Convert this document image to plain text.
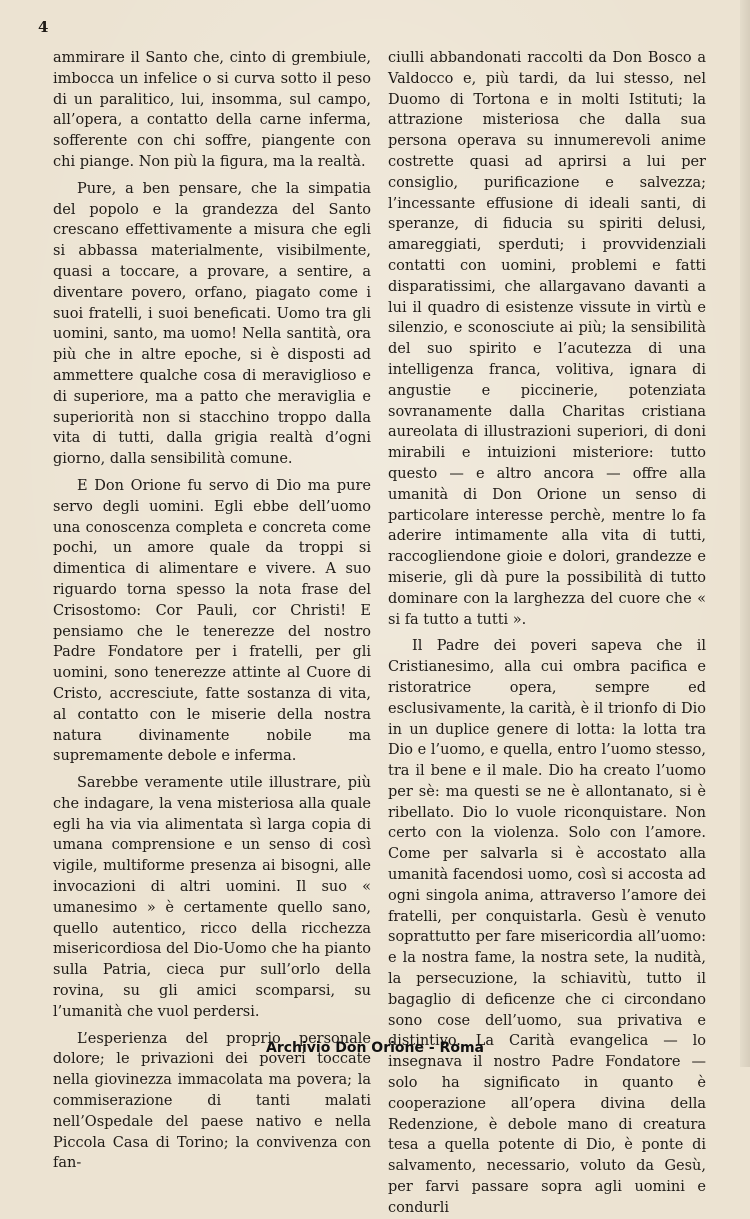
4

ammirare il Santo che, cinto di grembiule, imbocca un infelice o si curva sotto il peso di un paralitico, lui, insomma, sul campo, all’opera, a contatto della carne inferma, sofferente con chi soffre, piangente con chi piange. Non più la figura, ma la realtà.

Pure, a ben pensare, che la simpatia del popolo e la grandezza del Santo crescano effettivamente a misura che egli si abbassa materialmente, visibilmente, quasi a toccare, a provare, a sentire, a diventare povero, orfano, piagato come i suoi fratelli, i suoi beneficati. Uomo tra gli uomini, santo, ma uomo! Nella santità, ora più che in altre epoche, si è disposti ad ammettere qualche cosa di meraviglioso e di superiore, ma a patto che meraviglia e superiorità non si stacchino troppo dalla vita di tutti, dalla grigia realtà d’ogni giorno, dalla sensibilità comune.

E Don Orione fu servo di Dio ma pure servo degli uomini. Egli ebbe dell’uomo una conoscenza completa e concreta come pochi, un amore quale da troppi si dimentica di alimentare e vivere. A suo riguardo torna spesso la nota frase del Crisostomo: Cor Pauli, cor Christi! E pensiamo che le tenerezze del nostro Padre Fondatore per i fratelli, per gli uomini, sono tenerezze attinte al Cuore di Cristo, accresciute, fatte sostanza di vita, al contatto con le miserie della nostra natura divinamente nobile ma supremamente debole e inferma.

Sarebbe veramente utile illustrare, più che indagare, la vena misteriosa alla quale egli ha via via alimentata sì larga copia di umana comprensione e un senso di così vigile, multiforme presenza ai bisogni, alle invocazioni di altri uomini. Il suo « umanesimo » è certamente quello sano, quello autentico, ricco della ricchezza misericordiosa del Dio-Uomo che ha pianto sulla Patria, cieca pur sull’orlo della rovina, su gli amici scomparsi, su l’umanità che vuol perdersi.

L’esperienza del proprio personale dolore; le privazioni dei poveri toccate nella giovinezza immacolata ma povera; la commiserazione di tanti malati nell’Ospedale del paese nativo e nella Piccola Casa di Torino; la convivenza con fan-

ciulli abbandonati raccolti da Don Bosco a Valdocco e, più tardi, da lui stesso, nel Duomo di Tortona e in molti Istituti; la attrazione misteriosa che dalla sua persona operava su innumerevoli anime costrette quasi ad aprirsi a lui per consiglio, purificazione e salvezza; l’incessante effusione di ideali santi, di speranze, di fiducia su spiriti delusi, amareggiati, sperduti; i provvidenziali contatti con uomini, problemi e fatti disparatissimi, che allargavano davanti a lui il quadro di esistenze vissute in virtù e silenzio, e sconosciute ai più; la sensibilità del suo spirito e l’acutezza di una intelligenza franca, volitiva, ignara di angustie e piccinerie, potenziata sovranamente dalla Charitas cristiana aureolata di illustrazioni superiori, di doni mirabili e intuizioni misteriore: tutto questo — e altro ancora — offre alla umanità di Don Orione un senso di particolare interesse perchè, mentre lo fa aderire intimamente alla vita di tutti, raccogliendone gioie e dolori, grandezze e miserie, gli dà pure la possibilità di tutto dominare con la larghezza del cuore che « si fa tutto a tutti ».

Il Padre dei poveri sapeva che il Cristianesimo, alla cui ombra pacifica e ristoratrice opera, sempre ed esclusivamente, la carità, è il trionfo di Dio in un duplice genere di lotta: la lotta tra Dio e l’uomo, e quella, entro l’uomo stesso, tra il bene e il male. Dio ha creato l’uomo per sè: ma questi se ne è allontanato, si è ribellato. Dio lo vuole riconquistare. Non certo con la violenza. Solo con l’amore. Come per salvarla si è accostato alla umanità facendosi uomo, così si accosta ad ogni singola anima, attraverso l’amore dei fratelli, per conquistarla. Gesù è venuto soprattutto per fare misericordia all’uomo: e la nostra fame, la nostra sete, la nudità, la persecuzione, la schiavitù, tutto il bagaglio di deficenze che ci circondano sono cose dell’uomo, sua privativa e distintivo. La Carità evangelica — lo insegnava il nostro Padre Fondatore — solo ha significato in quanto è cooperazione all’opera divina della Redenzione, è debole mano di creatura tesa a quella potente di Dio, è ponte di salvamento, necessario, voluto da Gesù, per farvi passare sopra agli uomini e condurli

Archivio Don Orione - Roma
